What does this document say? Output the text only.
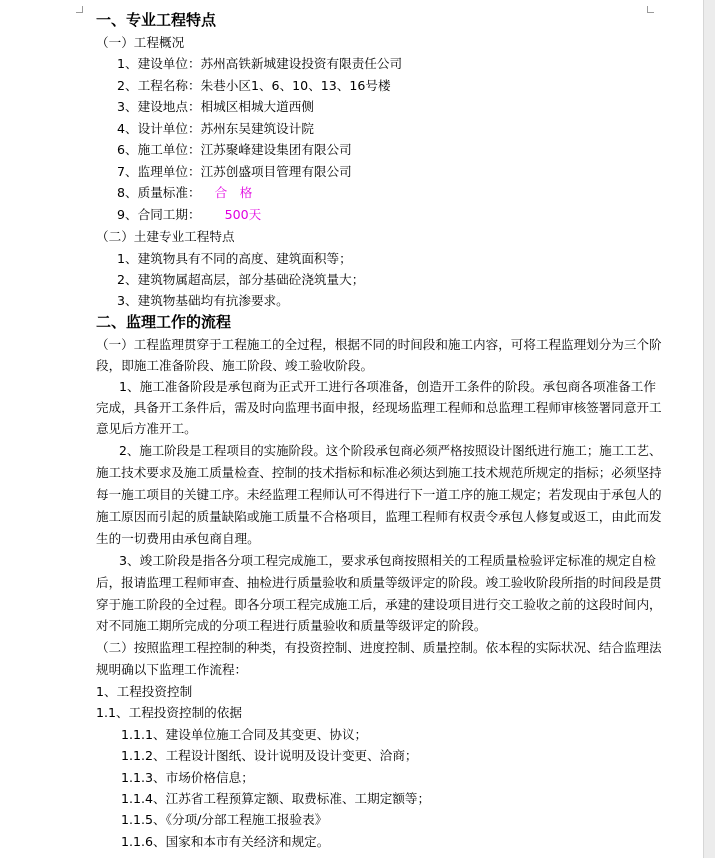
一、专业工程特点
（一）工程概况
1、建设单位：苏州高铁新城建设投资有限责任公司
2、工程名称：朱巷小区1、6、10、13、16号楼
3、建设地点：相城区相城大道西侧
4、设计单位：苏州东吴建筑设计院
6、施工单位：江苏聚峰建设集团有限公司
7、监理单位：江苏创盛项目管理有限公司
8、质量标准： 合　格
9、合同工期： 500天
（二）土建专业工程特点
1、建筑物具有不同的高度、建筑面积等；
2、建筑物属超高层，部分基础砼浇筑量大；
3、建筑物基础均有抗渗要求。
二、监理工作的流程
（一）工程监理贯穿于工程施工的全过程，根据不同的时间段和施工内容，可将工程监理划分为三个阶
段，即施工准备阶段、施工阶段、竣工验收阶段。
1、施工准备阶段是承包商为正式开工进行各项准备，创造开工条件的阶段。承包商各项准备工作
完成，具备开工条件后，需及时向监理书面申报，经现场监理工程师和总监理工程师审核签署同意开工
意见后方准开工。
2、施工阶段是工程项目的实施阶段。这个阶段承包商必须严格按照设计图纸进行施工；施工工艺、
施工技术要求及施工质量检查、控制的技术指标和标准必须达到施工技术规范所规定的指标；必须坚持
每一施工项目的关键工序。未经监理工程师认可不得进行下一道工序的施工规定；若发现由于承包人的
施工原因而引起的质量缺陷或施工质量不合格项目，监理工程师有权责令承包人修复或返工，由此而发
生的一切费用由承包商自理。
3、竣工阶段是指各分项工程完成施工，要求承包商按照相关的工程质量检验评定标准的规定自检
后，报请监理工程师审查、抽检进行质量验收和质量等级评定的阶段。竣工验收阶段所指的时间段是贯
穿于施工阶段的全过程。即各分项工程完成施工后，承建的建设项目进行交工验收之前的这段时间内，
对不同施工期所完成的分项工程进行质量验收和质量等级评定的阶段。
（二）按照监理工程控制的种类，有投资控制、进度控制、质量控制。依本程的实际状况、结合监理法
规明确以下监理工作流程：
1、工程投资控制
1.1、工程投资控制的依据
1.1.1、建设单位施工合同及其变更、协议；
1.1.2、工程设计图纸、设计说明及设计变更、洽商；
1.1.3、市场价格信息；
1.1.4、江苏省工程预算定额、取费标准、工期定额等；
1.1.5、《分项/分部工程施工报验表》
1.1.6、国家和本市有关经济和规定。
